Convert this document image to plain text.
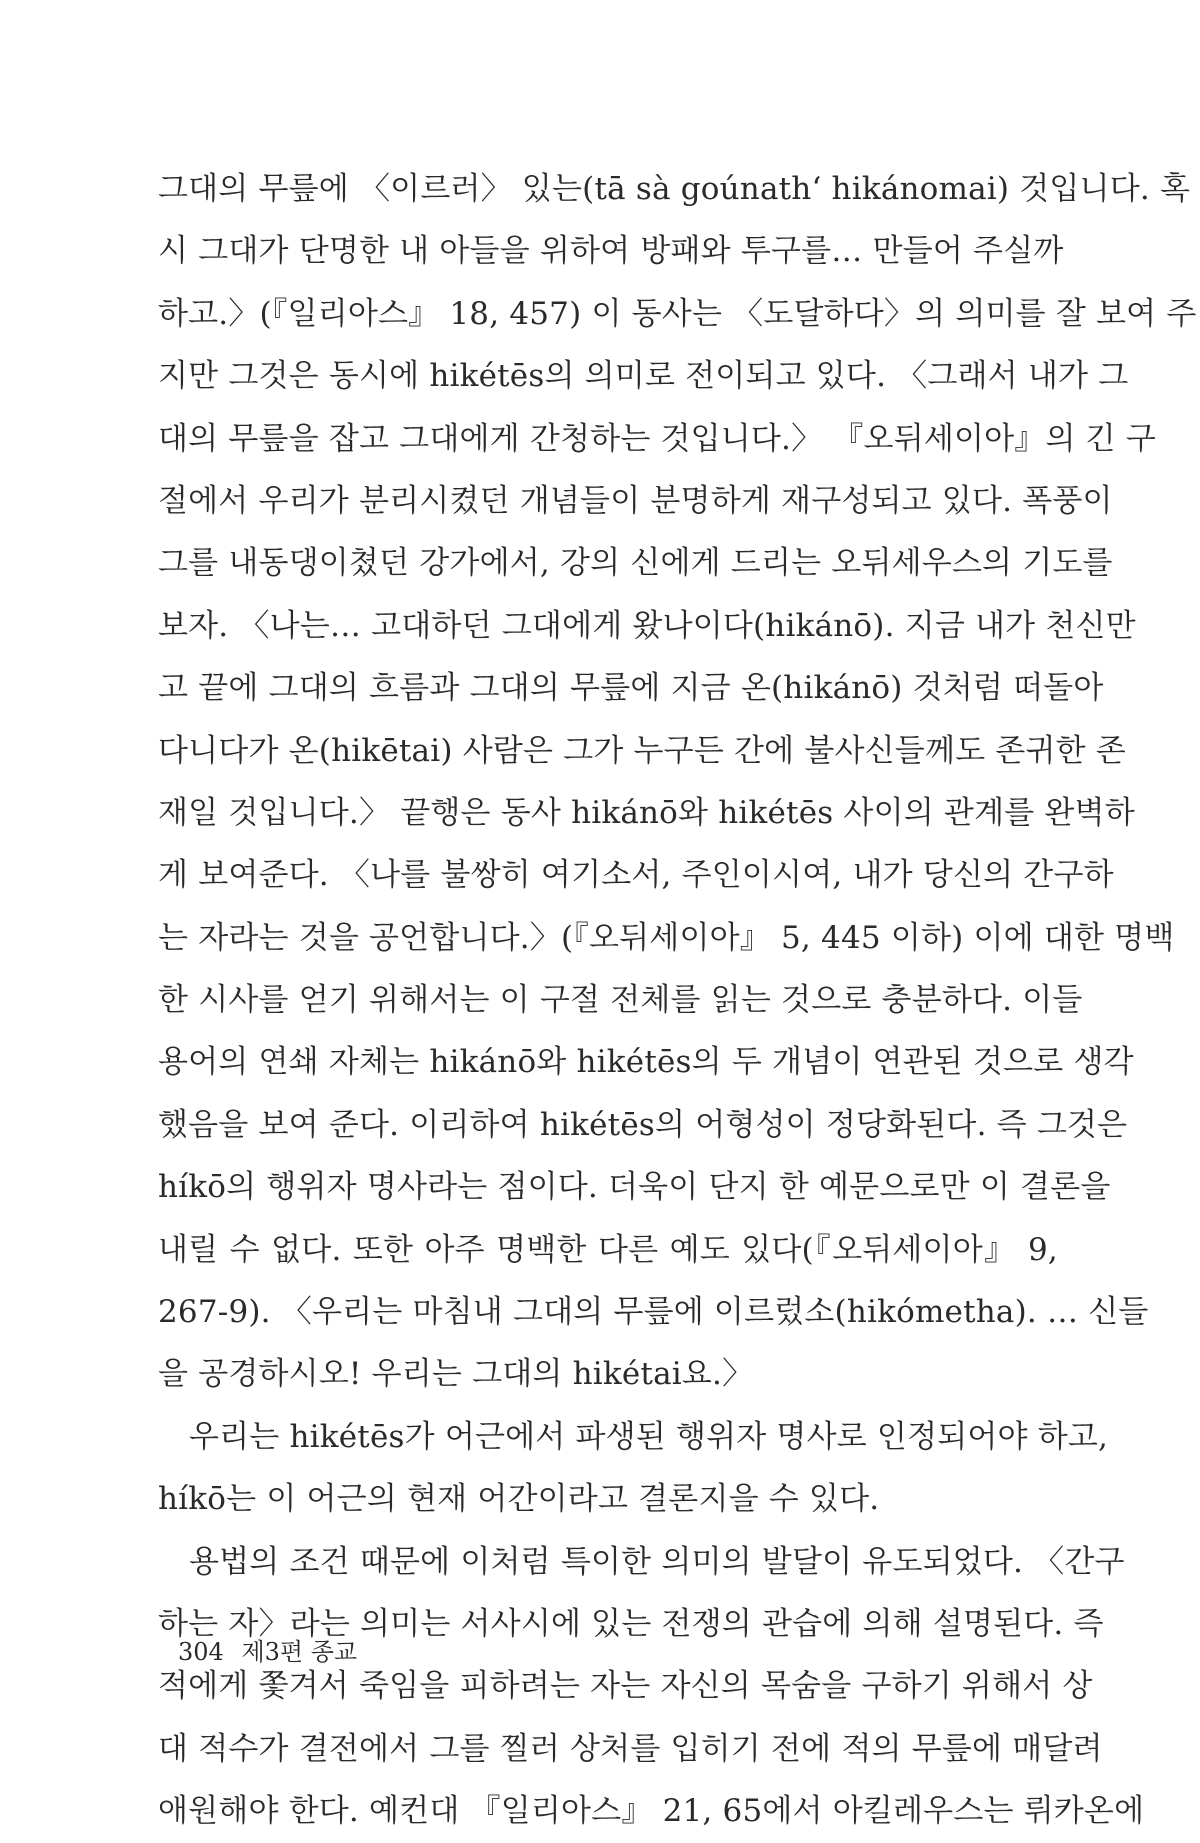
그대의 무릎에 〈이르러〉 있는(tā sà goúnath‘ hikánomai) 것입니다. 혹
시 그대가 단명한 내 아들을 위하여 방패와 투구를… 만들어 주실까
하고.〉(『일리아스』 18, 457) 이 동사는 〈도달하다〉의 의미를 잘 보여 주
지만 그것은 동시에 hikétēs의 의미로 전이되고 있다. 〈그래서 내가 그
대의 무릎을 잡고 그대에게 간청하는 것입니다.〉 『오뒤세이아』의 긴 구
절에서 우리가 분리시켰던 개념들이 분명하게 재구성되고 있다. 폭풍이
그를 내동댕이쳤던 강가에서, 강의 신에게 드리는 오뒤세우스의 기도를
보자. 〈나는… 고대하던 그대에게 왔나이다(hikánō). 지금 내가 천신만
고 끝에 그대의 흐름과 그대의 무릎에 지금 온(hikánō) 것처럼 떠돌아
다니다가 온(hikētai) 사람은 그가 누구든 간에 불사신들께도 존귀한 존
재일 것입니다.〉 끝행은 동사 hikánō와 hikétēs 사이의 관계를 완벽하
게 보여준다. 〈나를 불쌍히 여기소서, 주인이시여, 내가 당신의 간구하
는 자라는 것을 공언합니다.〉(『오뒤세이아』 5, 445 이하) 이에 대한 명백
한 시사를 얻기 위해서는 이 구절 전체를 읽는 것으로 충분하다. 이들
용어의 연쇄 자체는 hikánō와 hikétēs의 두 개념이 연관된 것으로 생각
했음을 보여 준다. 이리하여 hikétēs의 어형성이 정당화된다. 즉 그것은
híkō의 행위자 명사라는 점이다. 더욱이 단지 한 예문으로만 이 결론을
내릴 수 없다. 또한 아주 명백한 다른 예도 있다(『오뒤세이아』 9,
267-9). 〈우리는 마침내 그대의 무릎에 이르렀소(hikómetha). … 신들
을 공경하시오! 우리는 그대의 hikétai요.〉
우리는 hikétēs가 어근에서 파생된 행위자 명사로 인정되어야 하고,
híkō는 이 어근의 현재 어간이라고 결론지을 수 있다.
용법의 조건 때문에 이처럼 특이한 의미의 발달이 유도되었다. 〈간구
하는 자〉라는 의미는 서사시에 있는 전쟁의 관습에 의해 설명된다. 즉
적에게 쫓겨서 죽임을 피하려는 자는 자신의 목숨을 구하기 위해서 상
대 적수가 결전에서 그를 찔러 상처를 입히기 전에 적의 무릎에 매달려
애원해야 한다. 예컨대 『일리아스』 21, 65에서 아킬레우스는 뤼카온에
304 제3편 종교
